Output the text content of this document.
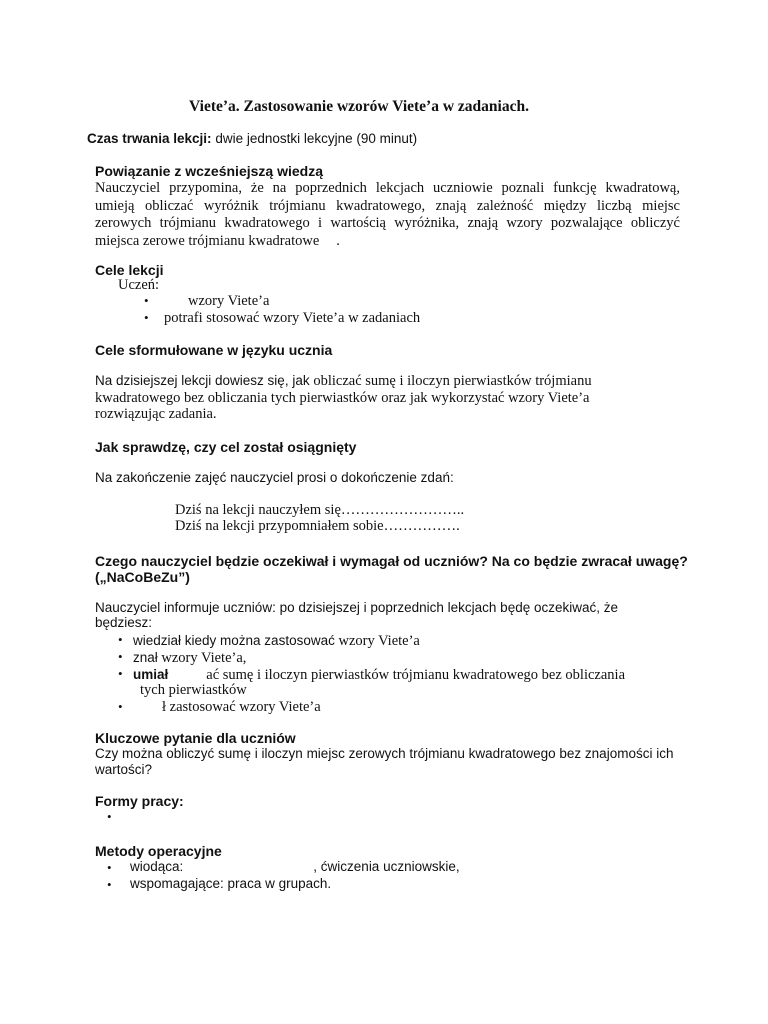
Viete’a. Zastosowanie wzorów Viete’a w zadaniach.
Czas trwania lekcji: dwie jednostki lekcyjne (90 minut)
Powiązanie z wcześniejszą wiedzą
Nauczyciel przypomina, że na poprzednich lekcjach uczniowie poznali funkcję kwadratową,
umieją obliczać wyróżnik trójmianu kwadratowego, znają zależność między liczbą miejsc
zerowych trójmianu kwadratowego i wartością wyróżnika, znają wzory pozwalające obliczyć
miejsca zerowe trójmianu kwadratowe .
Cele lekcji
Uczeń:
•	wzory Viete’a
• potrafi stosować wzory Viete’a w zadaniach
Cele sformułowane w języku ucznia
Na dzisiejszej lekcji dowiesz się, jak obliczać sumę i iloczyn pierwiastków trójmianu
kwadratowego bez obliczania tych pierwiastków oraz jak wykorzystać wzory Viete’a
rozwiązując zadania.
Jak sprawdzę, czy cel został osiągnięty
Na zakończenie zajęć nauczyciel prosi o dokończenie zdań:
Dziś na lekcji nauczyłem się……………………..
Dziś na lekcji przypomniałem sobie…………….
Czego nauczyciel będzie oczekiwał i wymagał od uczniów? Na co będzie zwracał uwagę?
(„NaCoBeZu”)
Nauczyciel informuje uczniów: po dzisiejszej i poprzednich lekcjach będę oczekiwać, że
będziesz:
• wiedział kiedy można zastosować wzory Viete’a
• znał wzory Viete’a,
• umiał	ać sumę i iloczyn pierwiastków trójmianu kwadratowego bez obliczania
tych pierwiastków
•	ł zastosować wzory Viete’a
Kluczowe pytanie dla uczniów
Czy można obliczyć sumę i iloczyn miejsc zerowych trójmianu kwadratowego bez znajomości ich
wartości?
Formy pracy:
•
Metody operacyjne
• wiodąca:	, ćwiczenia uczniowskie,
• wspomagające: praca w grupach.
